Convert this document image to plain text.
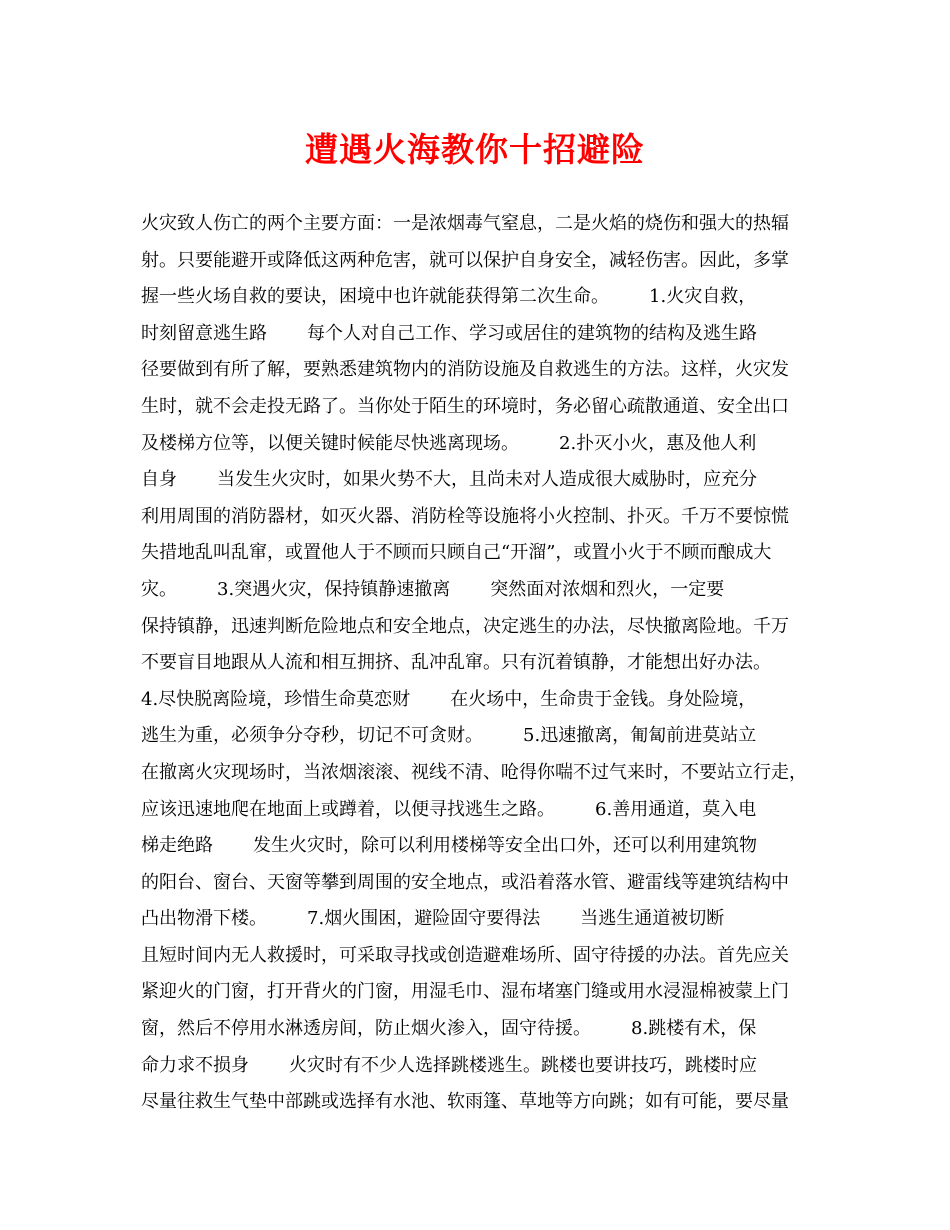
遭遇火海教你十招避险
火灾致人伤亡的两个主要方面：一是浓烟毒气窒息，二是火焰的烧伤和强大的热辐
射。只要能避开或降低这两种危害，就可以保护自身安全，减轻伤害。因此，多掌
握一些火场自救的要诀，困境中也许就能获得第二次生命。       1.火灾自救，
时刻留意逃生路       每个人对自己工作、学习或居住的建筑物的结构及逃生路
径要做到有所了解，要熟悉建筑物内的消防设施及自救逃生的方法。这样，火灾发
生时，就不会走投无路了。当你处于陌生的环境时，务必留心疏散通道、安全出口
及楼梯方位等，以便关键时候能尽快逃离现场。       2.扑灭小火，惠及他人利
自身       当发生火灾时，如果火势不大，且尚未对人造成很大威胁时，应充分
利用周围的消防器材，如灭火器、消防栓等设施将小火控制、扑灭。千万不要惊慌
失措地乱叫乱窜，或置他人于不顾而只顾自己“开溜”，或置小火于不顾而酿成大
灾。       3.突遇火灾，保持镇静速撤离       突然面对浓烟和烈火，一定要
保持镇静，迅速判断危险地点和安全地点，决定逃生的办法，尽快撤离险地。千万
不要盲目地跟从人流和相互拥挤、乱冲乱窜。只有沉着镇静，才能想出好办法。
4.尽快脱离险境，珍惜生命莫恋财       在火场中，生命贵于金钱。身处险境，
逃生为重，必须争分夺秒，切记不可贪财。       5.迅速撤离，匍匐前进莫站立
在撤离火灾现场时，当浓烟滚滚、视线不清、呛得你喘不过气来时，不要站立行走，
应该迅速地爬在地面上或蹲着，以便寻找逃生之路。       6.善用通道，莫入电
梯走绝路       发生火灾时，除可以利用楼梯等安全出口外，还可以利用建筑物
的阳台、窗台、天窗等攀到周围的安全地点，或沿着落水管、避雷线等建筑结构中
凸出物滑下楼。       7.烟火围困，避险固守要得法       当逃生通道被切断
且短时间内无人救援时，可采取寻找或创造避难场所、固守待援的办法。首先应关
紧迎火的门窗，打开背火的门窗，用湿毛巾、湿布堵塞门缝或用水浸湿棉被蒙上门
窗，然后不停用水淋透房间，防止烟火渗入，固守待援。       8.跳楼有术，保
命力求不损身       火灾时有不少人选择跳楼逃生。跳楼也要讲技巧，跳楼时应
尽量往救生气垫中部跳或选择有水池、软雨篷、草地等方向跳；如有可能，要尽量
